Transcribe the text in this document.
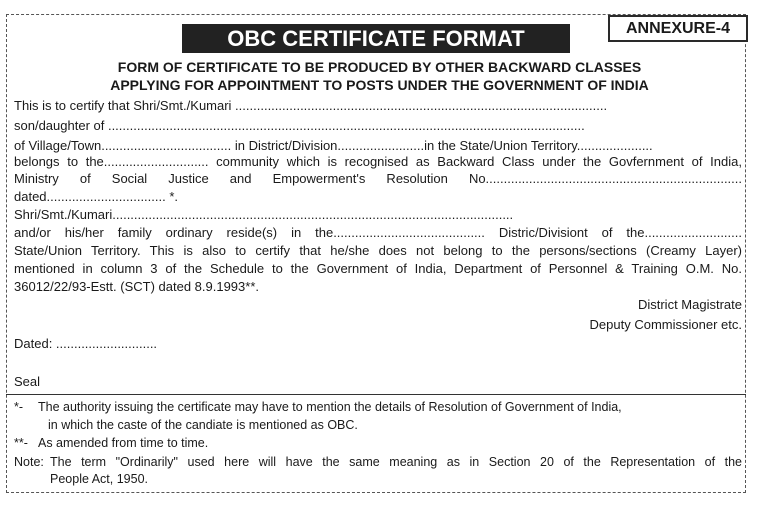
ANNEXURE-4
OBC CERTIFICATE FORMAT
FORM OF CERTIFICATE TO BE PRODUCED BY OTHER BACKWARD CLASSES
APPLYING FOR APPOINTMENT TO POSTS UNDER THE GOVERNMENT OF INDIA
This is to certify that Shri/Smt./Kumari .......................................................................................................
son/daughter of ....................................................................................................................................
of Village/Town.................................... in District/Division........................in the State/Union Territory.....................
belongs to the............................. community which is recognised as Backward Class under the Govfernment of India,
Ministry of Social Justice and Empowerment's Resolution No.......................................................................
dated................................. *.
Shri/Smt./Kumari...............................................................................................................
and/or his/her family ordinary reside(s) in the.......................................... Distric/Divisiont of the...........................
State/Union Territory. This is also to certify that he/she does not belong to the persons/sections (Creamy Layer)
mentioned in column 3 of the Schedule to the Government of India, Department of Personnel & Training O.M. No.
36012/22/93-Estt. (SCT) dated 8.9.1993**.
District Magistrate
Deputy Commissioner etc.
Dated: ............................
Seal
*- The authority issuing the certificate may have to mention the details of Resolution of Government of India,
in which the caste of the candiate is mentioned as OBC.
**- As amended from time to time.
Note: The term "Ordinarily" used here will have the same meaning as in Section 20 of the Representation of the
People Act, 1950.
